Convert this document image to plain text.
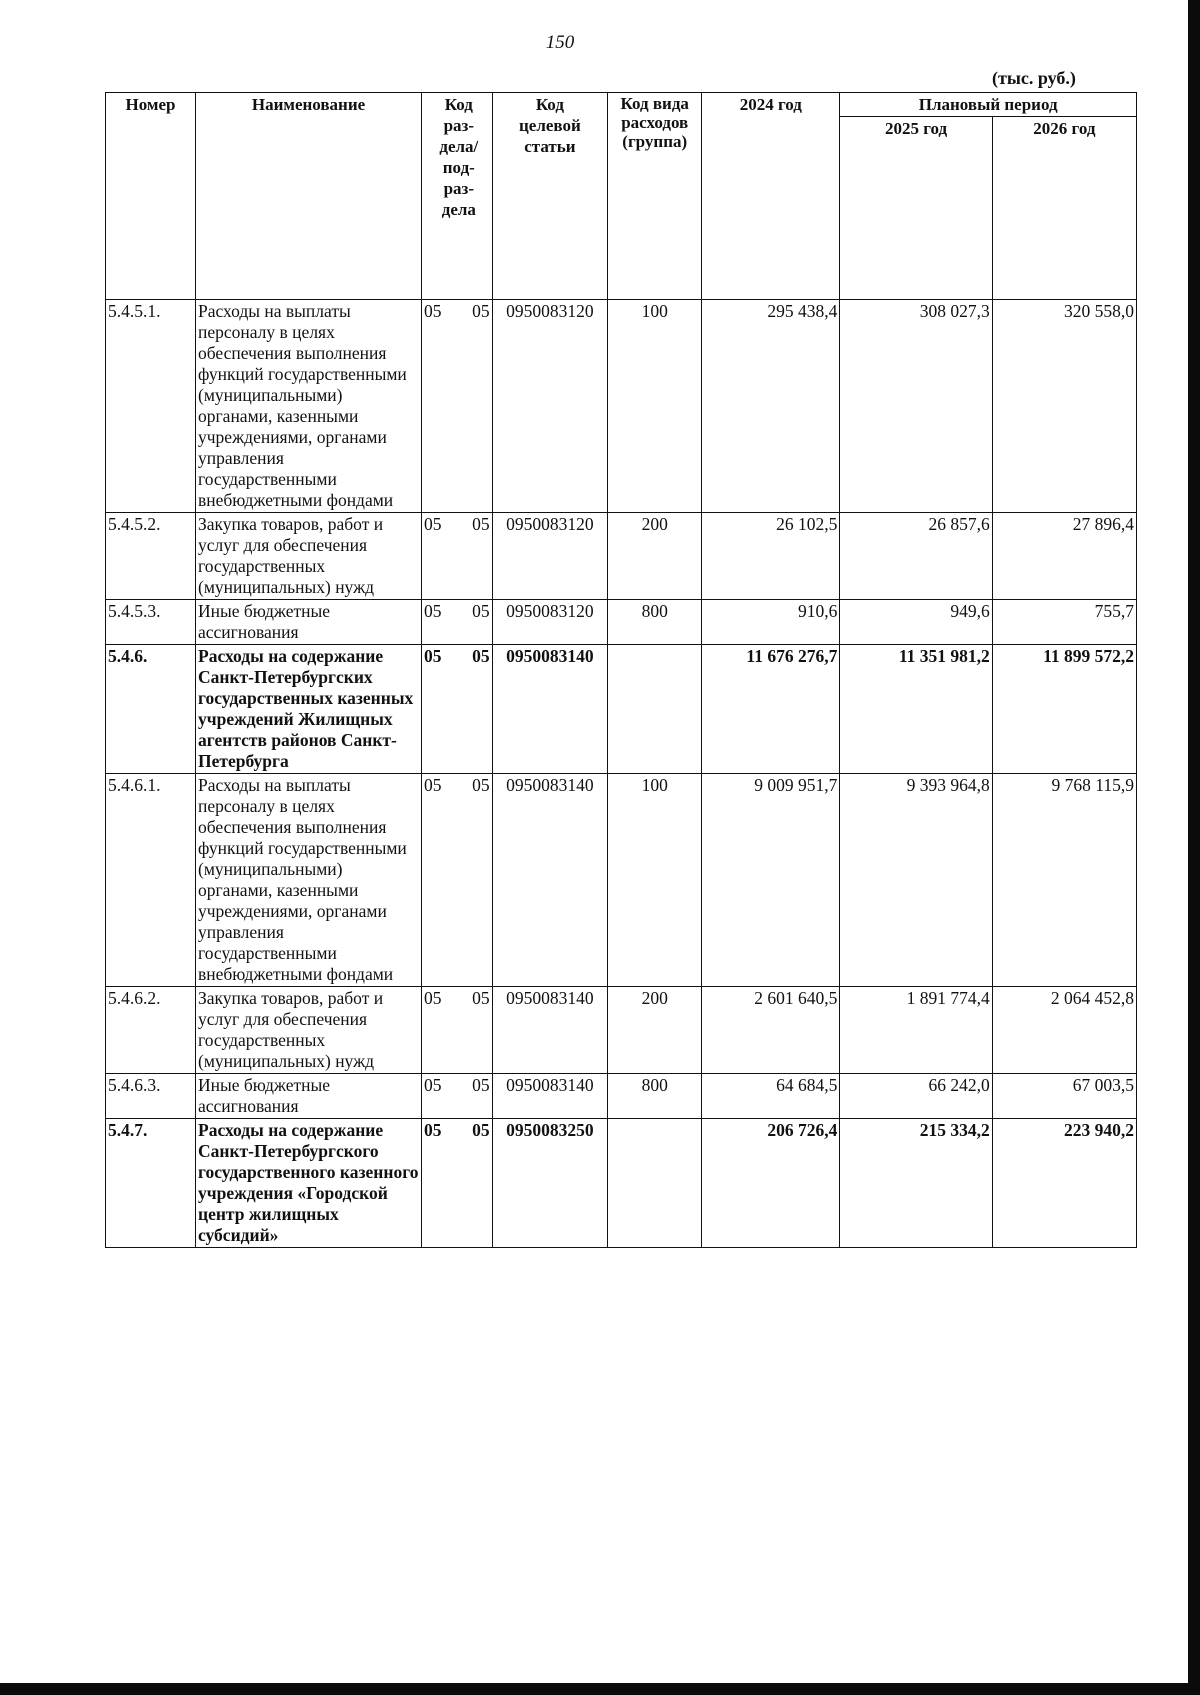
150
(тыс. руб.)
Номер	Наименование	Код раз-дела/ под-раз-дела	Код целевой статьи	Код вида расходов (группа)	2024 год	Плановый период	
						2025 год	2026 год
5.4.5.1.	Расходы на выплаты персоналу в целях обеспечения выполнения функций государственными (муниципальными) органами, казенными учреждениями, органами управления государственными внебюджетными фондами	05 05	0950083120	100	295 438,4	308 027,3	320 558,0
5.4.5.2.	Закупка товаров, работ и услуг для обеспечения государственных (муниципальных) нужд	05 05	0950083120	200	26 102,5	26 857,6	27 896,4
5.4.5.3.	Иные бюджетные ассигнования	05 05	0950083120	800	910,6	949,6	755,7
5.4.6.	Расходы на содержание Санкт-Петербургских государственных казенных учреждений Жилищных агентств районов Санкт-Петербурга	05 05	0950083140		11 676 276,7	11 351 981,2	11 899 572,2
5.4.6.1.	Расходы на выплаты персоналу в целях обеспечения выполнения функций государственными (муниципальными) органами, казенными учреждениями, органами управления государственными внебюджетными фондами	05 05	0950083140	100	9 009 951,7	9 393 964,8	9 768 115,9
5.4.6.2.	Закупка товаров, работ и услуг для обеспечения государственных (муниципальных) нужд	05 05	0950083140	200	2 601 640,5	1 891 774,4	2 064 452,8
5.4.6.3.	Иные бюджетные ассигнования	05 05	0950083140	800	64 684,5	66 242,0	67 003,5
5.4.7.	Расходы на содержание Санкт-Петербургского государственного казенного учреждения «Городской центр жилищных субсидий»	05 05	0950083250		206 726,4	215 334,2	223 940,2
